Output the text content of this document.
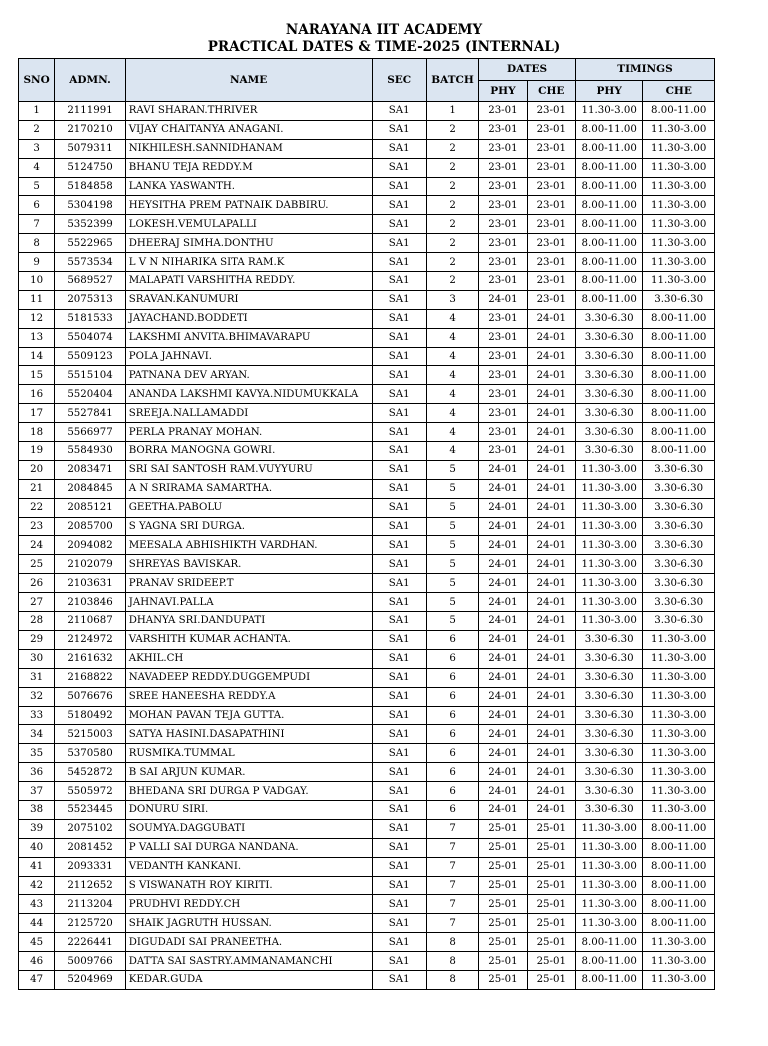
NARAYANA IIT ACADEMY
PRACTICAL DATES & TIME-2025 (INTERNAL)
SNO	ADMN.	NAME	SEC	BATCH	DATES		TIMINGS	
					PHY	CHE	PHY	CHE
1	2111991	RAVI SHARAN.THRIVER	SA1	1	23-01	23-01	11.30-3.00	8.00-11.00
2	2170210	VIJAY CHAITANYA ANAGANI.	SA1	2	23-01	23-01	8.00-11.00	11.30-3.00
3	5079311	NIKHILESH.SANNIDHANAM	SA1	2	23-01	23-01	8.00-11.00	11.30-3.00
4	5124750	BHANU TEJA REDDY.M	SA1	2	23-01	23-01	8.00-11.00	11.30-3.00
5	5184858	LANKA YASWANTH.	SA1	2	23-01	23-01	8.00-11.00	11.30-3.00
6	5304198	HEYSITHA PREM PATNAIK DABBIRU.	SA1	2	23-01	23-01	8.00-11.00	11.30-3.00
7	5352399	LOKESH.VEMULAPALLI	SA1	2	23-01	23-01	8.00-11.00	11.30-3.00
8	5522965	DHEERAJ SIMHA.DONTHU	SA1	2	23-01	23-01	8.00-11.00	11.30-3.00
9	5573534	L V N NIHARIKA SITA RAM.K	SA1	2	23-01	23-01	8.00-11.00	11.30-3.00
10	5689527	MALAPATI VARSHITHA REDDY.	SA1	2	23-01	23-01	8.00-11.00	11.30-3.00
11	2075313	SRAVAN.KANUMURI	SA1	3	24-01	23-01	8.00-11.00	3.30-6.30
12	5181533	JAYACHAND.BODDETI	SA1	4	23-01	24-01	3.30-6.30	8.00-11.00
13	5504074	LAKSHMI ANVITA.BHIMAVARAPU	SA1	4	23-01	24-01	3.30-6.30	8.00-11.00
14	5509123	POLA JAHNAVI.	SA1	4	23-01	24-01	3.30-6.30	8.00-11.00
15	5515104	PATNANA DEV ARYAN.	SA1	4	23-01	24-01	3.30-6.30	8.00-11.00
16	5520404	ANANDA LAKSHMI KAVYA.NIDUMUKKALA	SA1	4	23-01	24-01	3.30-6.30	8.00-11.00
17	5527841	SREEJA.NALLAMADDI	SA1	4	23-01	24-01	3.30-6.30	8.00-11.00
18	5566977	PERLA PRANAY MOHAN.	SA1	4	23-01	24-01	3.30-6.30	8.00-11.00
19	5584930	BORRA MANOGNA GOWRI.	SA1	4	23-01	24-01	3.30-6.30	8.00-11.00
20	2083471	SRI SAI SANTOSH RAM.VUYYURU	SA1	5	24-01	24-01	11.30-3.00	3.30-6.30
21	2084845	A N SRIRAMA SAMARTHA.	SA1	5	24-01	24-01	11.30-3.00	3.30-6.30
22	2085121	GEETHA.PABOLU	SA1	5	24-01	24-01	11.30-3.00	3.30-6.30
23	2085700	S YAGNA SRI DURGA.	SA1	5	24-01	24-01	11.30-3.00	3.30-6.30
24	2094082	MEESALA ABHISHIKTH VARDHAN.	SA1	5	24-01	24-01	11.30-3.00	3.30-6.30
25	2102079	SHREYAS BAVISKAR.	SA1	5	24-01	24-01	11.30-3.00	3.30-6.30
26	2103631	PRANAV SRIDEEP.T	SA1	5	24-01	24-01	11.30-3.00	3.30-6.30
27	2103846	JAHNAVI.PALLA	SA1	5	24-01	24-01	11.30-3.00	3.30-6.30
28	2110687	DHANYA SRI.DANDUPATI	SA1	5	24-01	24-01	11.30-3.00	3.30-6.30
29	2124972	VARSHITH KUMAR ACHANTA.	SA1	6	24-01	24-01	3.30-6.30	11.30-3.00
30	2161632	AKHIL.CH	SA1	6	24-01	24-01	3.30-6.30	11.30-3.00
31	2168822	NAVADEEP REDDY.DUGGEMPUDI	SA1	6	24-01	24-01	3.30-6.30	11.30-3.00
32	5076676	SREE HANEESHA REDDY.A	SA1	6	24-01	24-01	3.30-6.30	11.30-3.00
33	5180492	MOHAN PAVAN TEJA GUTTA.	SA1	6	24-01	24-01	3.30-6.30	11.30-3.00
34	5215003	SATYA HASINI.DASAPATHINI	SA1	6	24-01	24-01	3.30-6.30	11.30-3.00
35	5370580	RUSMIKA.TUMMAL	SA1	6	24-01	24-01	3.30-6.30	11.30-3.00
36	5452872	B SAI ARJUN KUMAR.	SA1	6	24-01	24-01	3.30-6.30	11.30-3.00
37	5505972	BHEDANA SRI DURGA P VADGAY.	SA1	6	24-01	24-01	3.30-6.30	11.30-3.00
38	5523445	DONURU SIRI.	SA1	6	24-01	24-01	3.30-6.30	11.30-3.00
39	2075102	SOUMYA.DAGGUBATI	SA1	7	25-01	25-01	11.30-3.00	8.00-11.00
40	2081452	P VALLI SAI DURGA NANDANA.	SA1	7	25-01	25-01	11.30-3.00	8.00-11.00
41	2093331	VEDANTH KANKANI.	SA1	7	25-01	25-01	11.30-3.00	8.00-11.00
42	2112652	S VISWANATH ROY KIRITI.	SA1	7	25-01	25-01	11.30-3.00	8.00-11.00
43	2113204	PRUDHVI REDDY.CH	SA1	7	25-01	25-01	11.30-3.00	8.00-11.00
44	2125720	SHAIK JAGRUTH HUSSAN.	SA1	7	25-01	25-01	11.30-3.00	8.00-11.00
45	2226441	DIGUDADI SAI PRANEETHA.	SA1	8	25-01	25-01	8.00-11.00	11.30-3.00
46	5009766	DATTA SAI SASTRY.AMMANAMANCHI	SA1	8	25-01	25-01	8.00-11.00	11.30-3.00
47	5204969	KEDAR.GUDA	SA1	8	25-01	25-01	8.00-11.00	11.30-3.00
